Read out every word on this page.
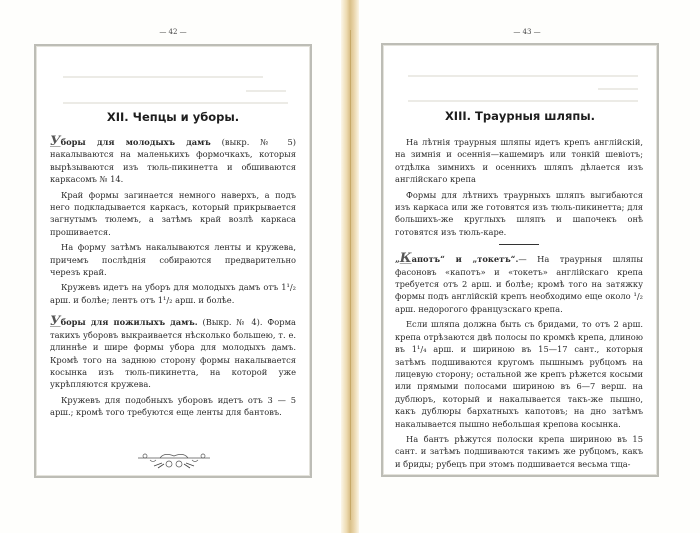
— 42 —	— 43 —
XII. Чепцы и уборы.

Уборы для молодыхъ дамъ (выкр. № 5) накалываются на маленькихъ формочкахъ, которыя вырѣзываются изъ тюль-пикинетта и обшиваются каркасомъ № 14.

Край формы загинается немного наверхъ, а подъ него подкладывается каркасъ, который прикрывается загнутымъ тюлемъ, а затѣмъ край возлѣ каркаса прошивается.

На форму затѣмъ накалываются ленты и кружева, причемъ послѣднія собираются предварительно черезъ край.

Кружевъ идетъ на уборъ для молодыхъ дамъ отъ 1¹/₂ арш. и болѣе; лентъ отъ 1¹/₂ арш. и болѣе.

Уборы для пожилыхъ дамъ. (Выкр. № 4). Форма такихъ уборовъ выкраивается нѣсколько большею, т. е. длиннѣе и шире формы убора для молодыхъ дамъ. Кромѣ того на заднюю сторону формы накалывается косынка изъ тюль-пикинетта, на которой уже укрѣпляются кружева.

Кружевъ для подобныхъ уборовъ идетъ отъ 3 — 5 арш.; кромѣ того требуются еще ленты для бантовъ.

XIII. Траурныя шляпы.

На лѣтнія траурныя шляпы идетъ крепъ англійскій, на зимнія и осеннія—кашемиръ или тонкій шевіотъ; отдѣлка зимнихъ и осеннихъ шляпъ дѣлается изъ англійскаго крепа

Формы для лѣтнихъ траурныхъ шляпъ выгибаются изъ каркаса или же готовятся изъ тюль-пикинетта; для большихъ-же круглыхъ шляпъ и шапочекъ онѣ готовятся изъ тюль-каре.

„Капотъ“ и „токетъ“.— На траурныя шляпы фасоновъ «капотъ» и «токетъ» англійскаго крепа требуется отъ 2 арш. и болѣе; кромѣ того на затяжку формы подъ англійскій крепъ необходимо еще около ¹/₂ арш. недорогого французскаго крепа.

Если шляпа должна быть съ бридами, то отъ 2 арш. крепа отрѣзаются двѣ полосы по кромкѣ крепа, длиною въ 1¹/₄ арш. и шириною въ 15—17 сант., которыя затѣмъ подшиваются кругомъ пышнымъ рубцомъ на лицевую сторону; остальной же крепъ рѣжется косыми или прямыми полосами шириною въ 6—7 верш. на дублюръ, который и накалывается такъ-же пышно, какъ дублюры бархатныхъ капотовъ; на дно затѣмъ накалывается пышно небольшая крепова косынка.

На бантъ рѣжутся полоски крепа шириною въ 15 сант. и затѣмъ подшиваются такимъ же рубцомъ, какъ и бриды; рубецъ при этомъ подшивается весьма тща-
